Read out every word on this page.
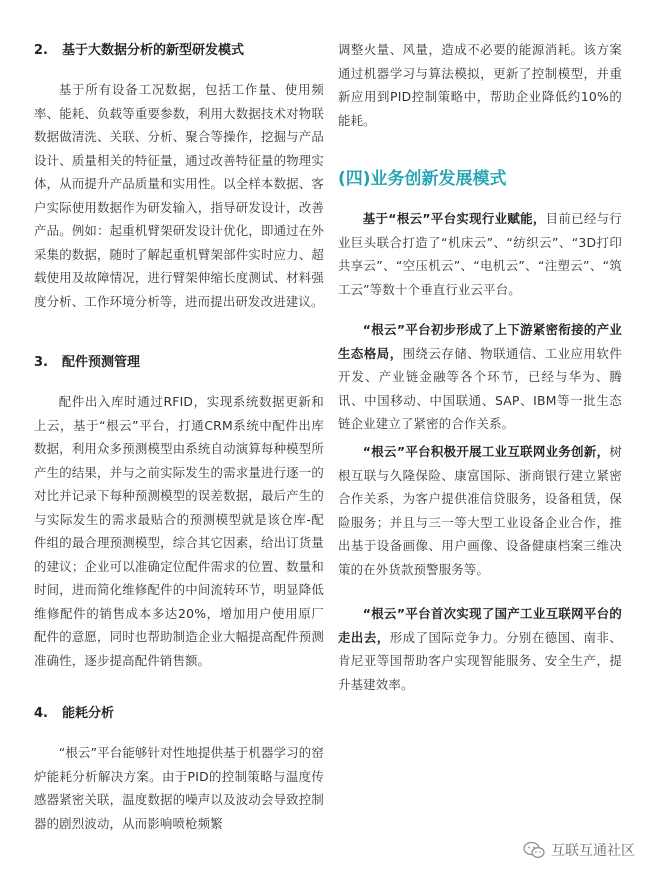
2. 基于大数据分析的新型研发模式

基于所有设备工况数据，包括工作量、使用频率、能耗、负载等重要参数，利用大数据技术对物联数据做清洗、关联、分析、聚合等操作，挖掘与产品设计、质量相关的特征量，通过改善特征量的物理实体，从而提升产品质量和实用性。以全样本数据、客户实际使用数据作为研发输入，指导研发设计，改善产品。例如：起重机臂架研发设计优化，即通过在外采集的数据，随时了解起重机臂架部件实时应力、超载使用及故障情况，进行臂架伸缩长度测试、材料强度分析、工作环境分析等，进而提出研发改进建议。

3. 配件预测管理

配件出入库时通过RFID，实现系统数据更新和上云，基于“根云”平台，打通CRM系统中配件出库数据，利用众多预测模型由系统自动演算每种模型所产生的结果，并与之前实际发生的需求量进行逐一的对比并记录下每种预测模型的误差数据，最后产生的与实际发生的需求最贴合的预测模型就是该仓库-配件组的最合理预测模型，综合其它因素，给出订货量的建议；企业可以准确定位配件需求的位置、数量和时间，进而简化维修配件的中间流转环节，明显降低维修配件的销售成本多达20%，增加用户使用原厂配件的意愿，同时也帮助制造企业大幅提高配件预测准确性，逐步提高配件销售额。

4. 能耗分析

“根云”平台能够针对性地提供基于机器学习的窑炉能耗分析解决方案。由于PID的控制策略与温度传感器紧密关联，温度数据的噪声以及波动会导致控制器的剧烈波动，从而影响喷枪频繁

调整火量、风量，造成不必要的能源消耗。该方案通过机器学习与算法模拟，更新了控制模型，并重新应用到PID控制策略中，帮助企业降低约10%的能耗。

(四)业务创新发展模式

基于“根云”平台实现行业赋能，目前已经与行业巨头联合打造了“机床云”、“纺织云”、“3D打印共享云”、“空压机云”、“电机云”、“注塑云”、“筑工云”等数十个垂直行业云平台。

“根云”平台初步形成了上下游紧密衔接的产业生态格局，围绕云存储、物联通信、工业应用软件开发、产业链金融等各个环节，已经与华为、腾讯、中国移动、中国联通、SAP、IBM等一批生态链企业建立了紧密的合作关系。

“根云”平台积极开展工业互联网业务创新，树根互联与久隆保险、康富国际、浙商银行建立紧密合作关系，为客户提供准信贷服务，设备租赁，保险服务；并且与三一等大型工业设备企业合作，推出基于设备画像、用户画像、设备健康档案三维决策的在外货款预警服务等。

“根云”平台首次实现了国产工业互联网平台的走出去，形成了国际竞争力。分别在德国、南非、肯尼亚等国帮助客户实现智能服务、安全生产，提升基建效率。

互联互通社区
